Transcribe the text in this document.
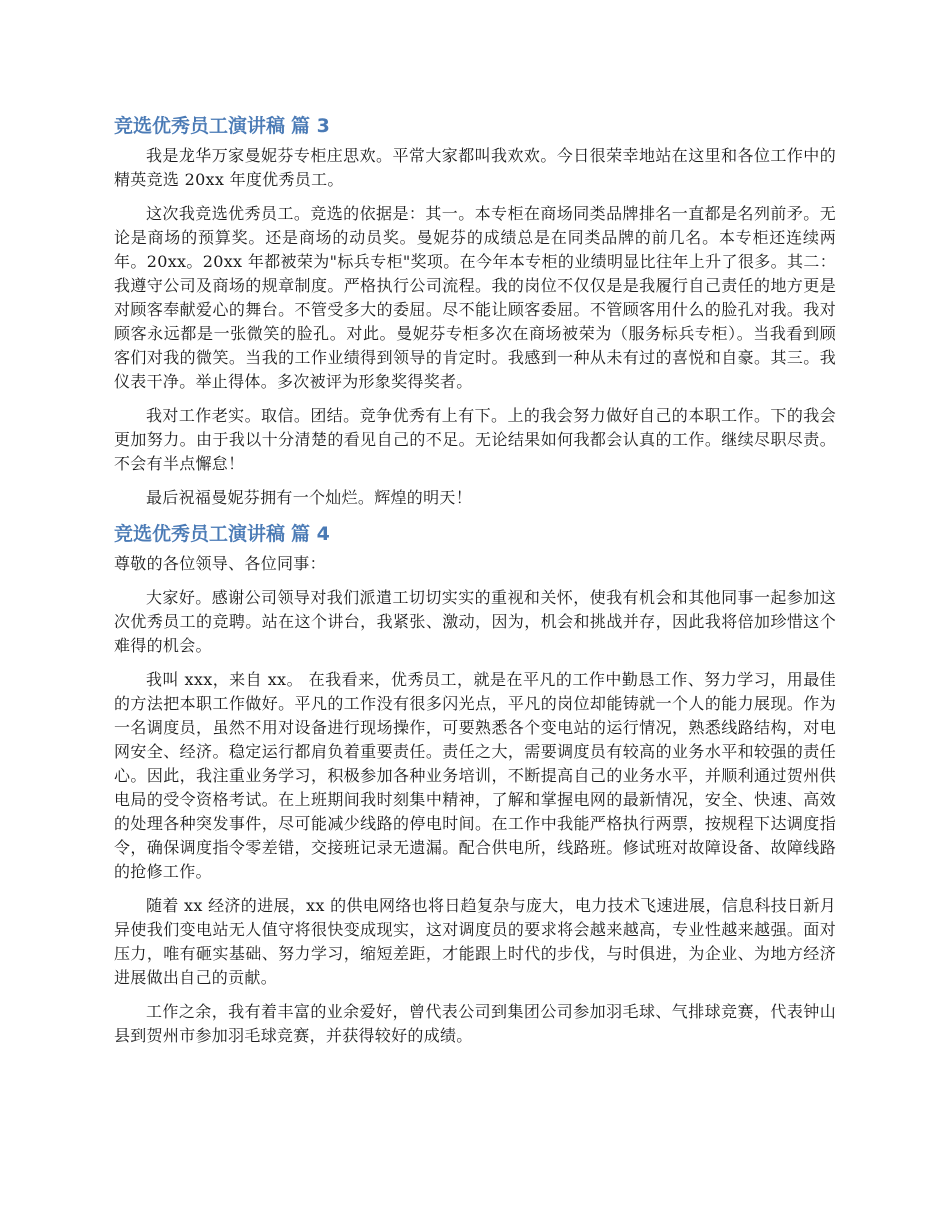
竞选优秀员工演讲稿 篇 3

我是龙华万家曼妮芬专柜庄思欢。平常大家都叫我欢欢。今日很荣幸地站在这里和各位工作中的精英竞选 20xx 年度优秀员工。

这次我竞选优秀员工。竞选的依据是：其一。本专柜在商场同类品牌排名一直都是名列前矛。无论是商场的预算奖。还是商场的动员奖。曼妮芬的成绩总是在同类品牌的前几名。本专柜还连续两年。20xx。20xx 年都被荣为"标兵专柜"奖项。在今年本专柜的业绩明显比往年上升了很多。其二：我遵守公司及商场的规章制度。严格执行公司流程。我的岗位不仅仅是是我履行自己责任的地方更是对顾客奉献爱心的舞台。不管受多大的委屈。尽不能让顾客委屈。不管顾客用什么的脸孔对我。我对顾客永远都是一张微笑的脸孔。对此。曼妮芬专柜多次在商场被荣为（服务标兵专柜）。当我看到顾客们对我的微笑。当我的工作业绩得到领导的肯定时。我感到一种从未有过的喜悦和自豪。其三。我仪表干净。举止得体。多次被评为形象奖得奖者。

我对工作老实。取信。团结。竞争优秀有上有下。上的我会努力做好自己的本职工作。下的我会更加努力。由于我以十分清楚的看见自己的不足。无论结果如何我都会认真的工作。继续尽职尽责。不会有半点懈怠！

最后祝福曼妮芬拥有一个灿烂。辉煌的明天！

竞选优秀员工演讲稿 篇 4

尊敬的各位领导、各位同事：

大家好。感谢公司领导对我们派遣工切切实实的重视和关怀，使我有机会和其他同事一起参加这次优秀员工的竞聘。站在这个讲台，我紧张、激动，因为，机会和挑战并存，因此我将倍加珍惜这个难得的机会。

我叫 xxx，来自 xx。 在我看来，优秀员工，就是在平凡的工作中勤恳工作、努力学习，用最佳的方法把本职工作做好。平凡的工作没有很多闪光点，平凡的岗位却能铸就一个人的能力展现。作为一名调度员，虽然不用对设备进行现场操作，可要熟悉各个变电站的运行情况，熟悉线路结构，对电网安全、经济。稳定运行都肩负着重要责任。责任之大，需要调度员有较高的业务水平和较强的责任心。因此，我注重业务学习，积极参加各种业务培训，不断提高自己的业务水平，并顺利通过贺州供电局的受令资格考试。在上班期间我时刻集中精神，了解和掌握电网的最新情况，安全、快速、高效的处理各种突发事件，尽可能减少线路的停电时间。在工作中我能严格执行两票，按规程下达调度指令，确保调度指令零差错，交接班记录无遗漏。配合供电所，线路班。修试班对故障设备、故障线路的抢修工作。

随着 xx 经济的进展，xx 的供电网络也将日趋复杂与庞大，电力技术飞速进展，信息科技日新月异使我们变电站无人值守将很快变成现实，这对调度员的要求将会越来越高，专业性越来越强。面对压力，唯有砸实基础、努力学习，缩短差距，才能跟上时代的步伐，与时俱进，为企业、为地方经济进展做出自己的贡献。

工作之余，我有着丰富的业余爱好，曾代表公司到集团公司参加羽毛球、气排球竞赛，代表钟山县到贺州市参加羽毛球竞赛，并获得较好的成绩。
